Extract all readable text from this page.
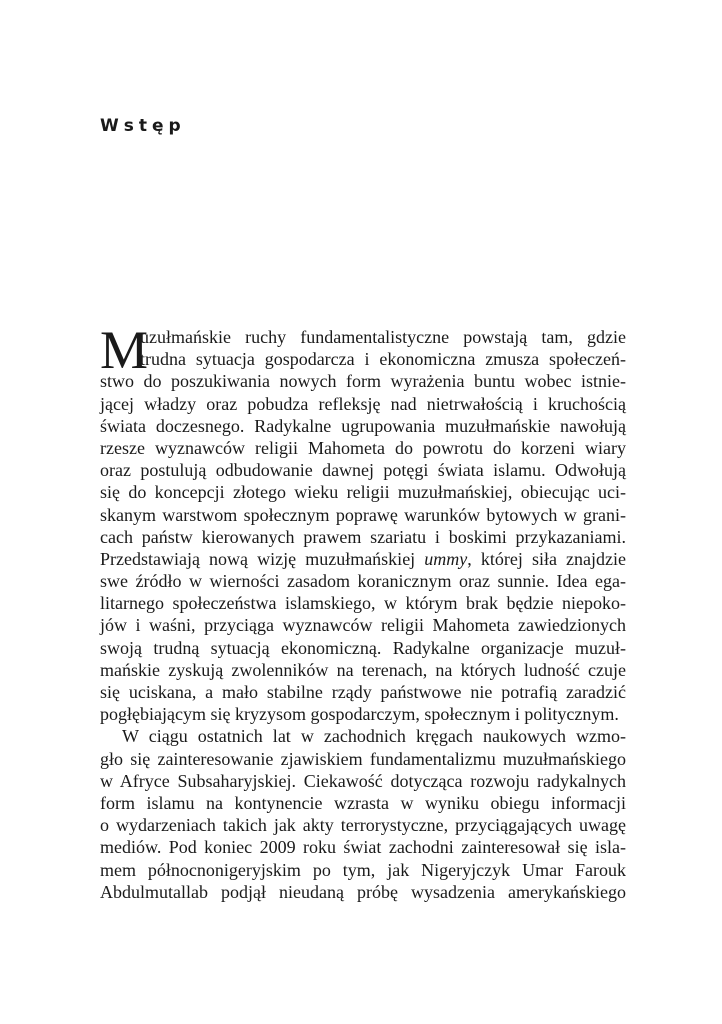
Wstęp
M
uzułmańskie ruchy fundamentalistyczne powstają tam, gdzie
trudna sytuacja gospodarcza i ekonomiczna zmusza społeczeń-
stwo do poszukiwania nowych form wyrażenia buntu wobec istnie-
jącej władzy oraz pobudza refleksję nad nietrwałością i kruchością
świata doczesnego. Radykalne ugrupowania muzułmańskie nawołują
rzesze wyznawców religii Mahometa do powrotu do korzeni wiary
oraz postulują odbudowanie dawnej potęgi świata islamu. Odwołują
się do koncepcji złotego wieku religii muzułmańskiej, obiecując uci-
skanym warstwom społecznym poprawę warunków bytowych w grani-
cach państw kierowanych prawem szariatu i boskimi przykazaniami.
Przedstawiają nową wizję muzułmańskiej ummy, której siła znajdzie
swe źródło w wierności zasadom koranicznym oraz sunnie. Idea ega-
litarnego społeczeństwa islamskiego, w którym brak będzie niepoko-
jów i waśni, przyciąga wyznawców religii Mahometa zawiedzionych
swoją trudną sytuacją ekonomiczną. Radykalne organizacje muzuł-
mańskie zyskują zwolenników na terenach, na których ludność czuje
się uciskana, a mało stabilne rządy państwowe nie potrafią zaradzić
pogłębiającym się kryzysom gospodarczym, społecznym i politycznym.
W ciągu ostatnich lat w zachodnich kręgach naukowych wzmo-
gło się zainteresowanie zjawiskiem fundamentalizmu muzułmańskiego
w Afryce Subsaharyjskiej. Ciekawość dotycząca rozwoju radykalnych
form islamu na kontynencie wzrasta w wyniku obiegu informacji
o wydarzeniach takich jak akty terrorystyczne, przyciągających uwagę
mediów. Pod koniec 2009 roku świat zachodni zainteresował się isla-
mem północnonigeryjskim po tym, jak Nigeryjczyk Umar Farouk
Abdulmutallab podjął nieudaną próbę wysadzenia amerykańskiego
